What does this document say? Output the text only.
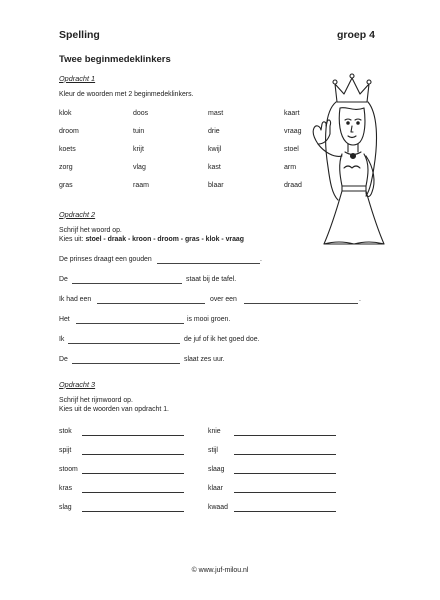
Spelling	groep 4
Twee beginmedeklinkers
Opdracht 1
Kleur de woorden met 2 beginmedeklinkers.
klok	doos	mast	kaart
droom	tuin	drie	vraag
koets	krijt	kwijl	stoel
zorg	vlag	kast	arm
gras	raam	blaar	draad
Opdracht 2
Schrijf het woord op.
Kies uit: stoel - draak - kroon - droom - gras - klok - vraag
De prinses draagt een gouden	.
De	staat bij de tafel.
Ik had een	over een	.
Het	is mooi groen.
Ik	de juf of ik het goed doe.
De	slaat zes uur.
Opdracht 3
Schrijf het rijmwoord op.
Kies uit de woorden van opdracht 1.
stok	knie
spijt	stijl
stoom	slaag
kras	klaar
slag	kwaad
© www.juf-milou.nl
